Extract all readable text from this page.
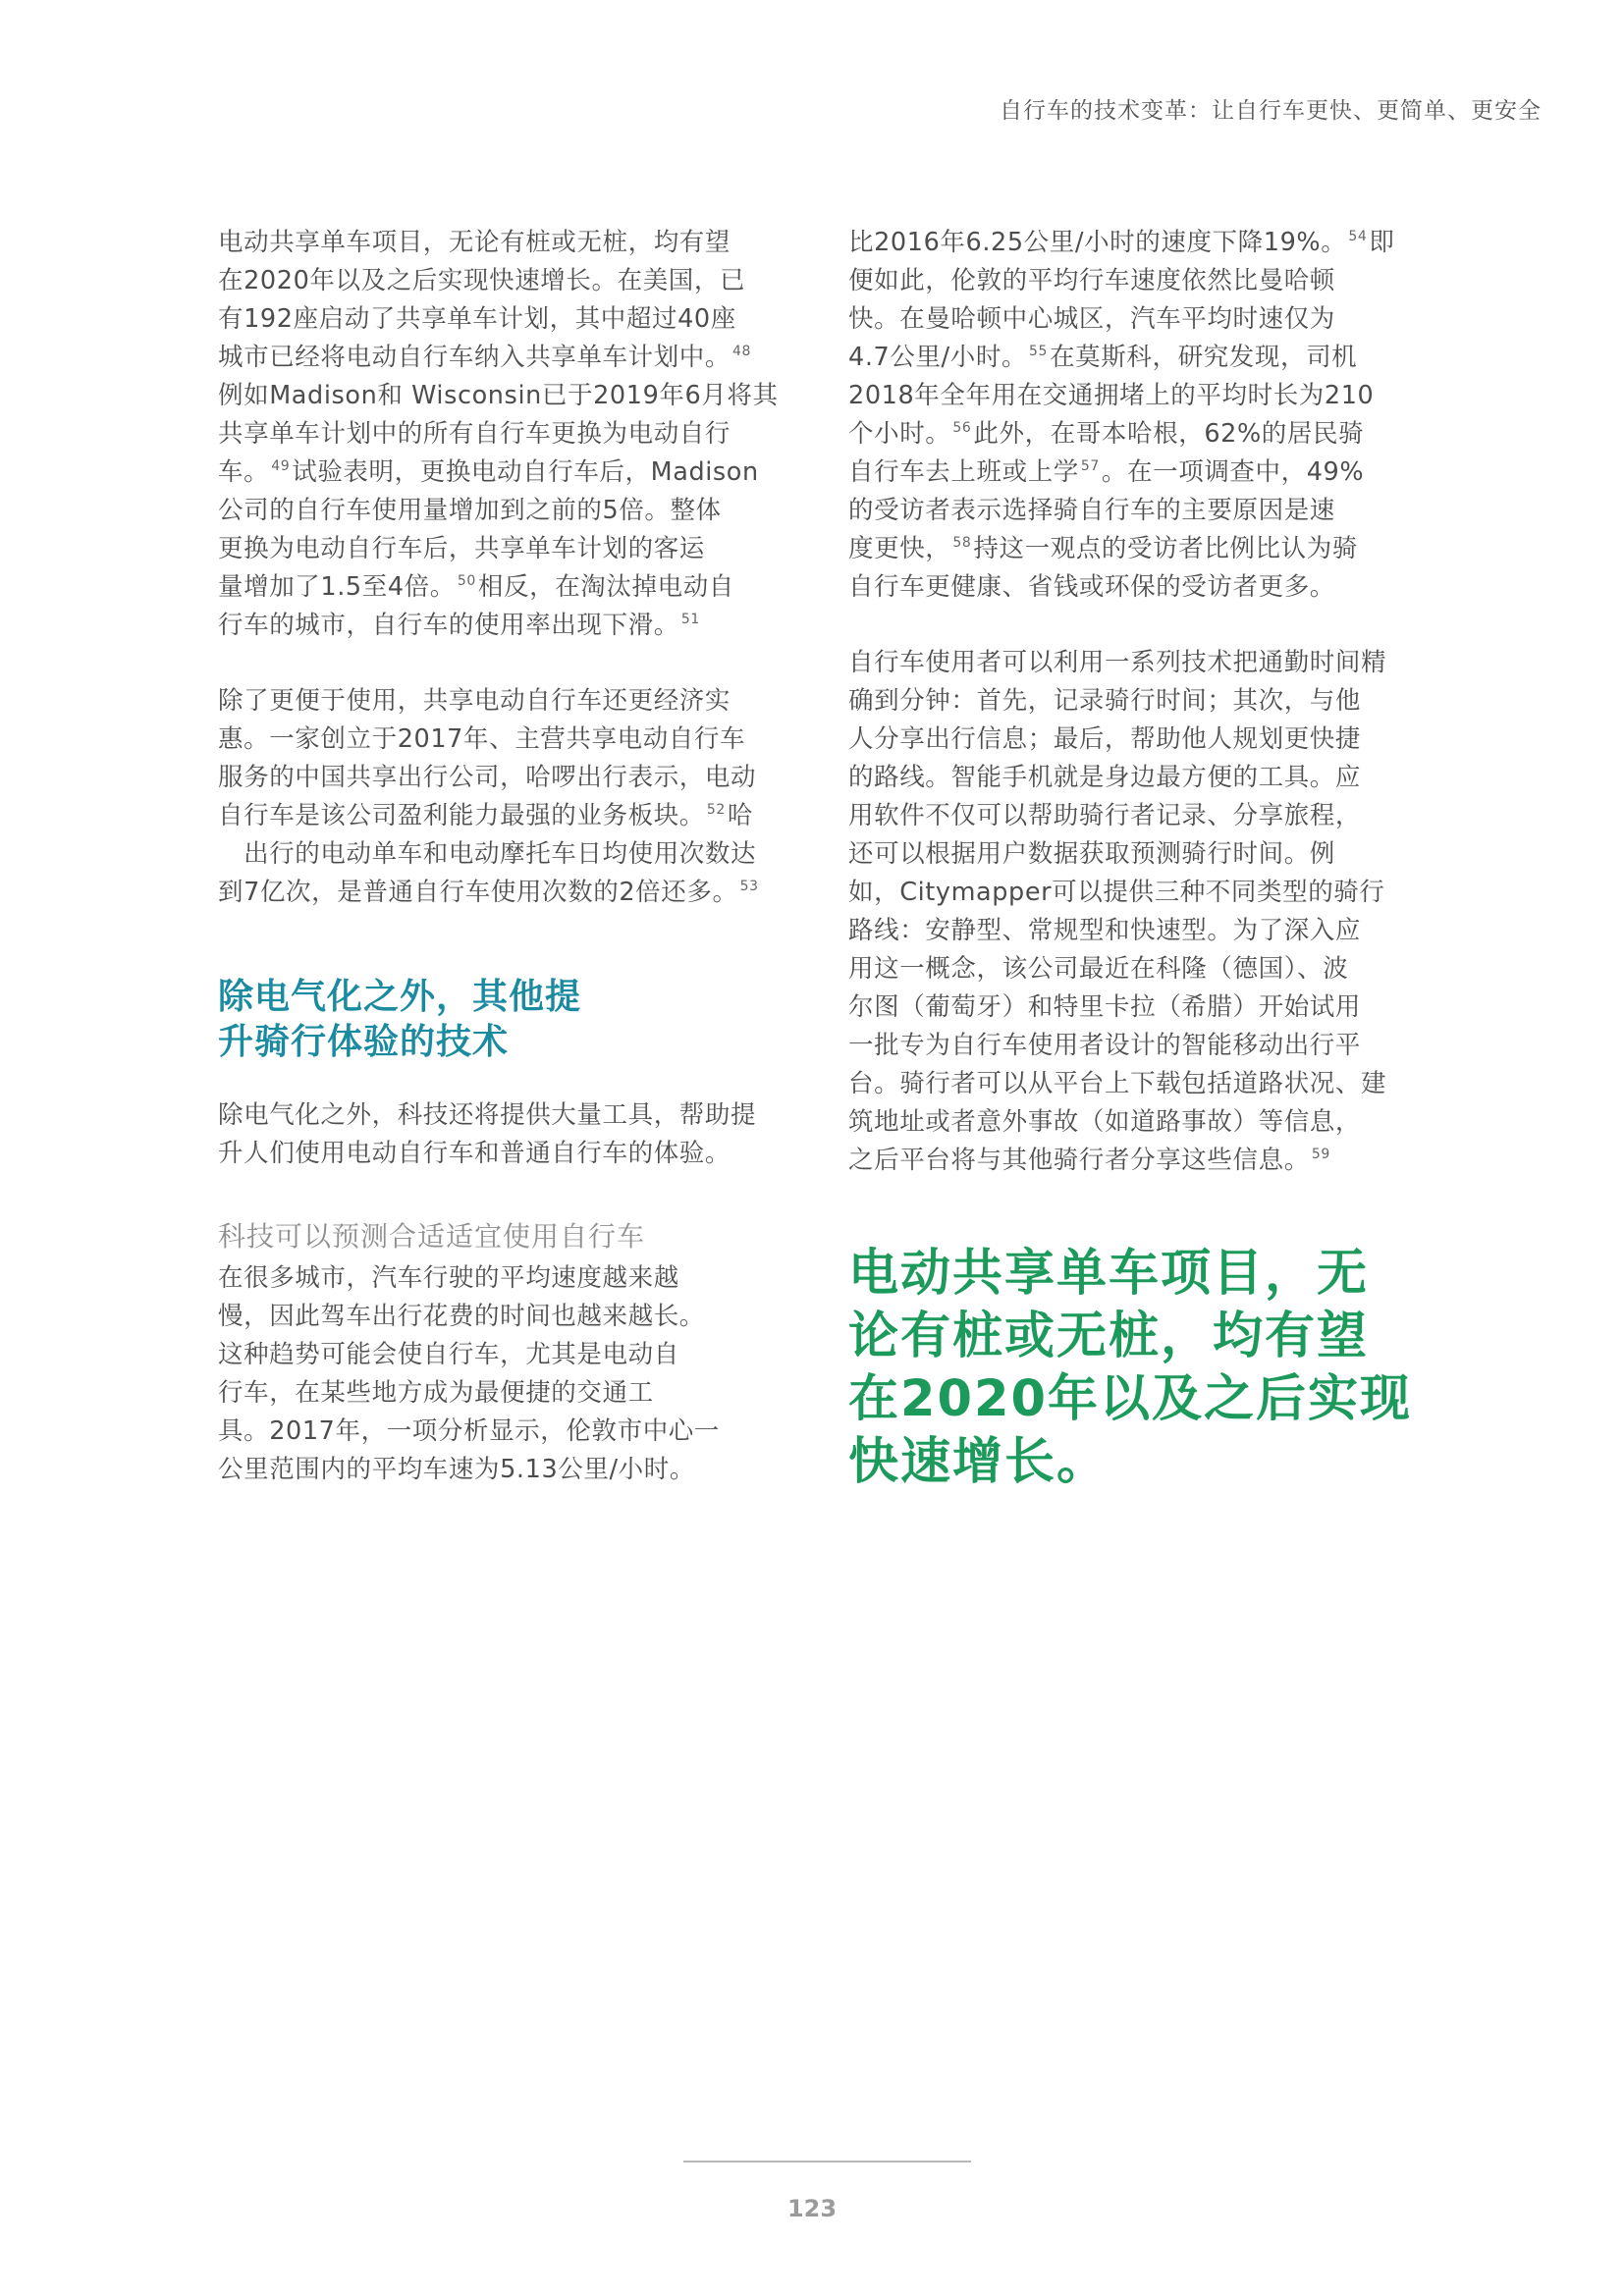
自行车的技术变革：让自行车更快、更简单、更安全
电动共享单车项目，无论有桩或无桩，均有望
在2020年以及之后实现快速增长。在美国，已
有192座启动了共享单车计划，其中超过40座
城市已经将电动自行车纳入共享单车计划中。 $^{48}$
例如Madison和 Wisconsin已于2019年6月将其
共享单车计划中的所有自行车更换为电动自行
车。 $^{49}$试验表明，更换电动自行车后，Madison
公司的自行车使用量增加到之前的5倍。整体
更换为电动自行车后，共享单车计划的客运
量增加了1.5至4倍。 $^{50}$相反，在淘汰掉电动自
行车的城市，自行车的使用率出现下滑。 $^{51}$
除了更便于使用，共享电动自行车还更经济实
惠。一家创立于2017年、主营共享电动自行车
服务的中国共享出行公司，哈啰出行表示，电动
自行车是该公司盈利能力最强的业务板块。 $^{52}$哈
　出行的电动单车和电动摩托车日均使用次数达
到7亿次，是普通自行车使用次数的2倍还多。 $^{53}$
除电气化之外，其他提
升骑行体验的技术
除电气化之外，科技还将提供大量工具，帮助提
升人们使用电动自行车和普通自行车的体验。
科技可以预测合适适宜使用自行车
在很多城市，汽车行驶的平均速度越来越
慢，因此驾车出行花费的时间也越来越长。
这种趋势可能会使自行车，尤其是电动自
行车，在某些地方成为最便捷的交通工
具。2017年，一项分析显示，伦敦市中心一
公里范围内的平均车速为5.13公里/小时。
比2016年6.25公里/小时的速度下降19%。 $^{54}$即
便如此，伦敦的平均行车速度依然比曼哈顿
快。在曼哈顿中心城区，汽车平均时速仅为
4.7公里/小时。 $^{55}$在莫斯科，研究发现，司机
2018年全年用在交通拥堵上的平均时长为210
个小时。 $^{56}$此外，在哥本哈根，62%的居民骑
自行车去上班或上学 $^{57}$。在一项调查中，49%
的受访者表示选择骑自行车的主要原因是速
度更快， $^{58}$持这一观点的受访者比例比认为骑
自行车更健康、省钱或环保的受访者更多。
自行车使用者可以利用一系列技术把通勤时间精
确到分钟：首先，记录骑行时间；其次，与他
人分享出行信息；最后，帮助他人规划更快捷
的路线。智能手机就是身边最方便的工具。应
用软件不仅可以帮助骑行者记录、分享旅程，
还可以根据用户数据获取预测骑行时间。例
如，Citymapper可以提供三种不同类型的骑行
路线：安静型、常规型和快速型。为了深入应
用这一概念，该公司最近在科隆（德国）、波
尔图（葡萄牙）和特里卡拉（希腊）开始试用
一批专为自行车使用者设计的智能移动出行平
台。骑行者可以从平台上下载包括道路状况、建
筑地址或者意外事故（如道路事故）等信息，
之后平台将与其他骑行者分享这些信息。 $^{59}$
电动共享单车项目，无
论有桩或无桩，均有望
在2020年以及之后实现
快速增长。
123
